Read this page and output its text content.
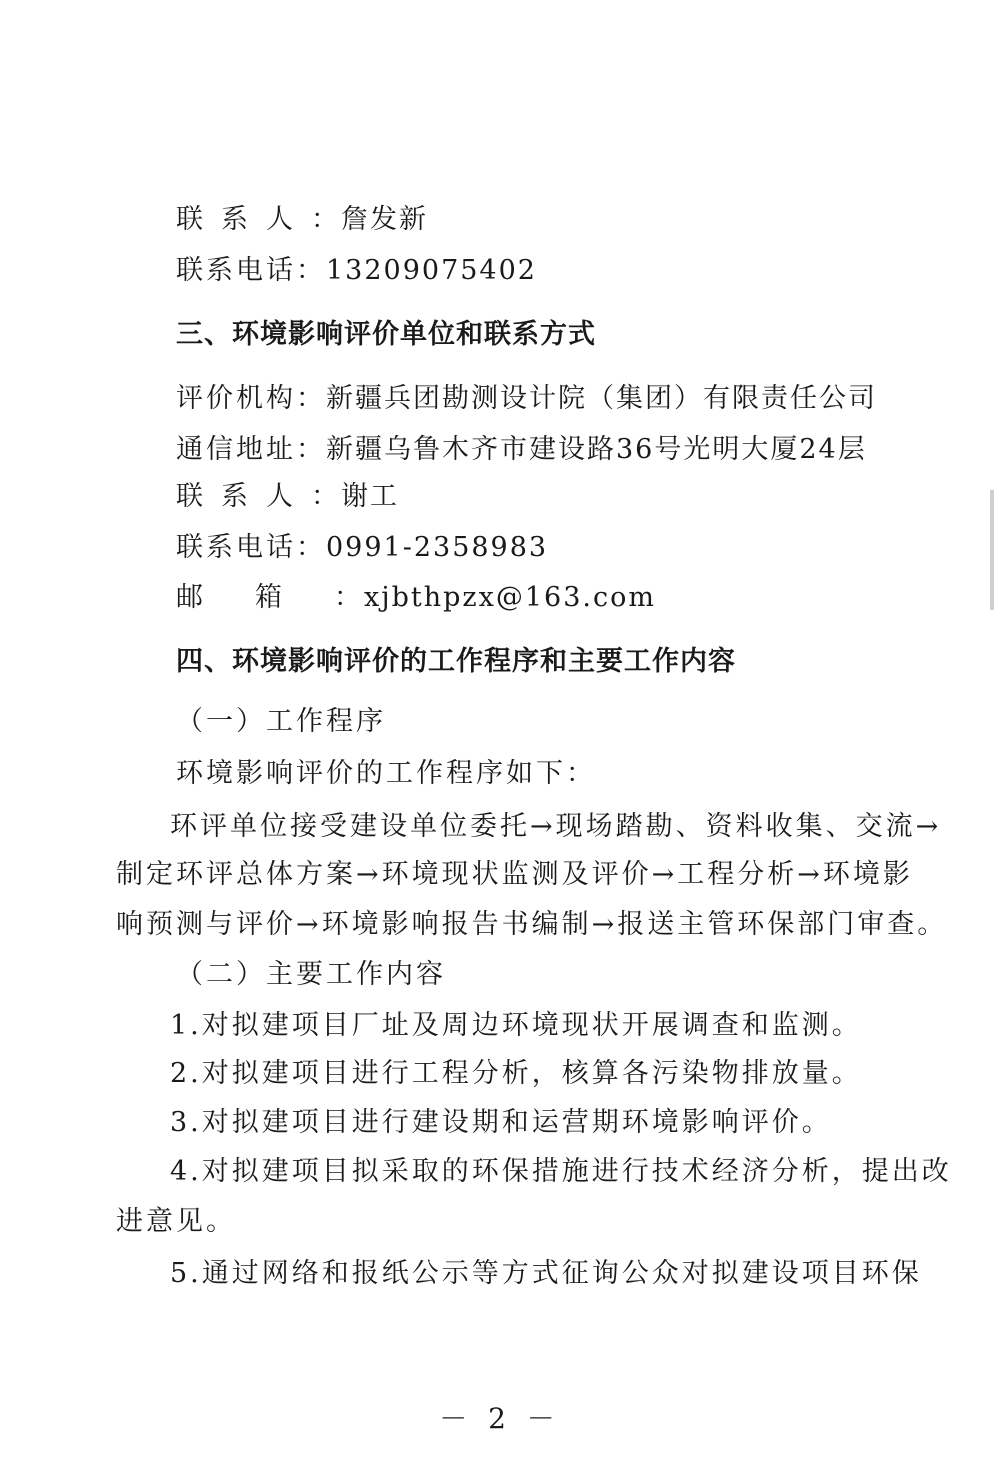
联系人：詹发新
联系电话：13209075402
三、环境影响评价单位和联系方式
评价机构：新疆兵团勘测设计院（集团）有限责任公司
通信地址：新疆乌鲁木齐市建设路36号光明大厦24层
联系人：谢工
联系电话：0991-2358983
邮箱：xjbthpzx@163.com
四、环境影响评价的工作程序和主要工作内容
（一）工作程序
环境影响评价的工作程序如下：
环评单位接受建设单位委托→现场踏勘、资料收集、交流→
制定环评总体方案→环境现状监测及评价→工程分析→环境影
响预测与评价→环境影响报告书编制→报送主管环保部门审查。
（二）主要工作内容
1.对拟建项目厂址及周边环境现状开展调查和监测。
2.对拟建项目进行工程分析，核算各污染物排放量。
3.对拟建项目进行建设期和运营期环境影响评价。
4.对拟建项目拟采取的环保措施进行技术经济分析，提出改
进意见。
5.通过网络和报纸公示等方式征询公众对拟建设项目环保
－ 2 －
